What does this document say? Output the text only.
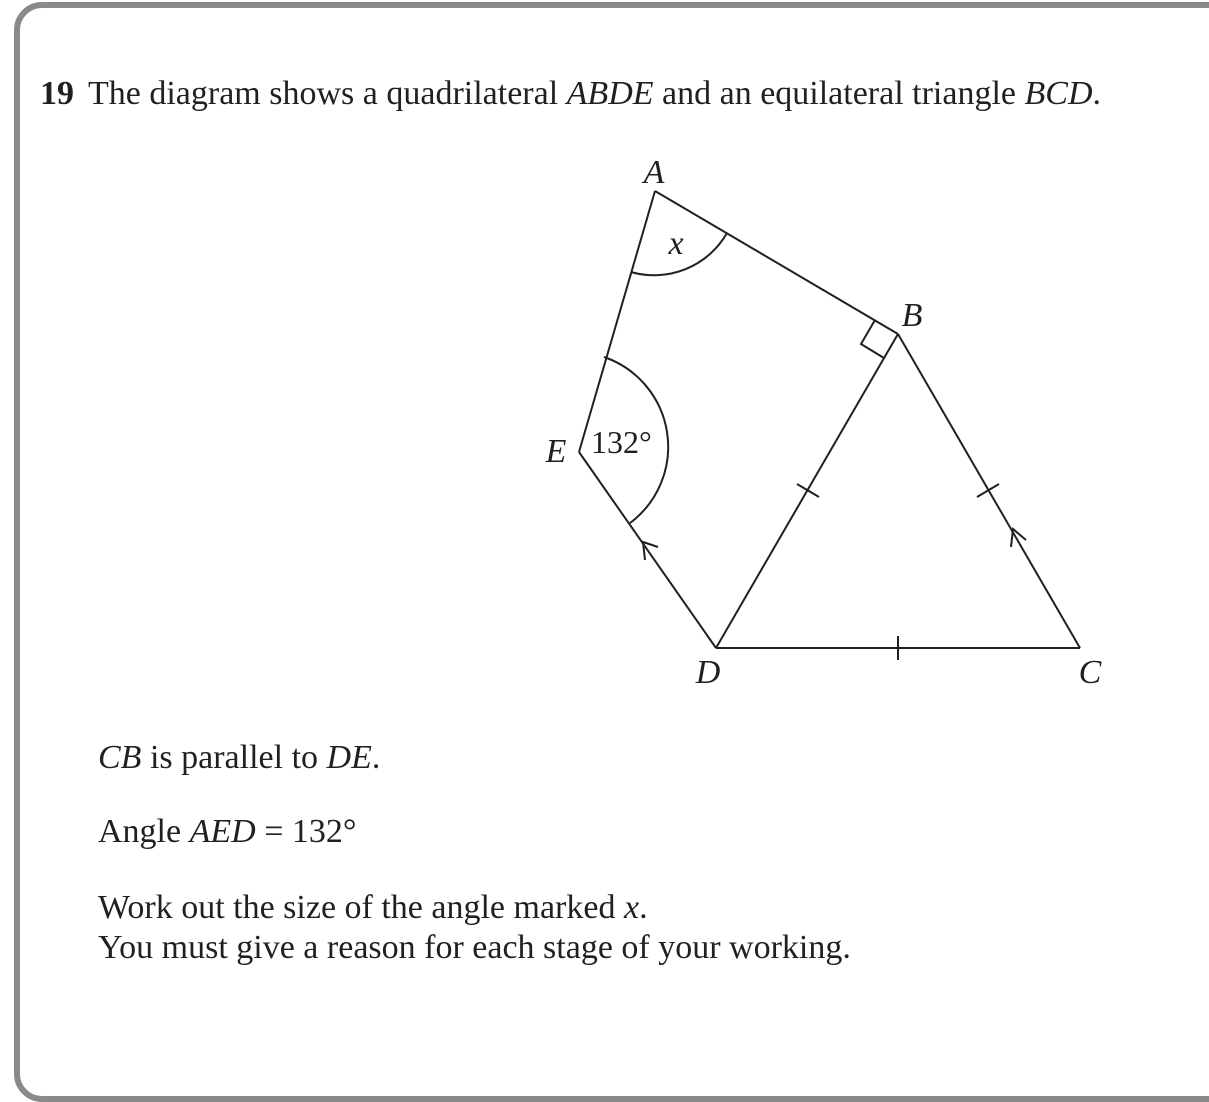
19 The diagram shows a quadrilateral ABDE and an equilateral triangle BCD.
A
B
C
D
E
x
132°
CB is parallel to DE.
Angle AED = 132°
Work out the size of the angle marked x.
You must give a reason for each stage of your working.
